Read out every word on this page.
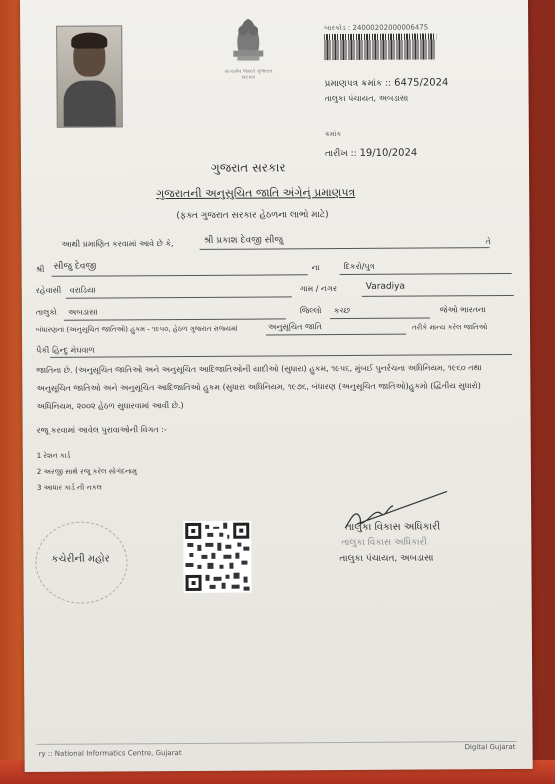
સત્યમેવ જયતે ગુજરાત સરકાર
બારકોડ : 24000202000006475
પ્રમાણપત્ર ક્રમાંક :: 6475/2024
તાલુકા પંચાયત, અબડાસા
ક્રમાંક
તારીખ :: 19/10/2024
ગુજરાત સરકાર
ગુજરાતની અનુસુચિત જાતિ અંગેનું પ્રમાણપત્ર
(ફક્ત ગુજરાત સરકાર હેઠળના લાભો માટે)
આથી પ્રમાણિત કરવામાં આવે છે કે,	શ્રી પ્રકાશ દેવજી સીજુ	તે
શ્રી સીજુ દેવજી	ના	દિકરો/પુત્ર
રહેવાસી વરાડિયા	ગામ / નગર	Varadiya
તાલુકો અબડાસા	જિલ્લો કચ્છ	જેઓ ભારતના
બંધારણના (અનુસૂચિત જાતિઓ) હુકમ - ૧૯૫૦, હેઠળ ગુજરાત રાજ્યમાં	અનુસૂચિત જાતિ	તરીકે માન્ય કરેલ જાતિઓ
પૈકી હિન્દુ મેઘવાળ
જાતિના છે. (અનુસૂચિત જાતિઓ અને અનુસૂચિત આદિજાતિઓની યાદીઓ (સુધારા) હુકમ, ૧૯૫૬, મુંબઈ પુનર્રચના અધિનિયમ, ૧૯૬૦ તથા
અનુસૂચિત જાતિઓ અને અનુસૂચિત આદિજાતિઓ હુકમ (સુધારા અધિનિયમ, ૧૯૭૬, બંધારણ (અનુસૂચિત જાતિઓ)હુકમો (દ્વિતીય સુધારો)
અધિનિયમ, ૨૦૦૨ હેઠળ સુધારવામાં આવી છે.)
રજૂ કરવામાં આવેલ પુરાવાઓની વિગત :-
1 રેશન કાર્ડ
2 અરજી સાથે રજૂ કરેલ સોગંદનામુ
3 આધાર કાર્ડ ની નકલ
કચેરીની મહોર
તાલુકા વિકાસ અધિકારી
તાલુકા વિકાસ અધિકારી
તાલુકા પંચાયત, અબડાસા
ry :: National Informatics Centre, Gujarat
Digital Gujarat
